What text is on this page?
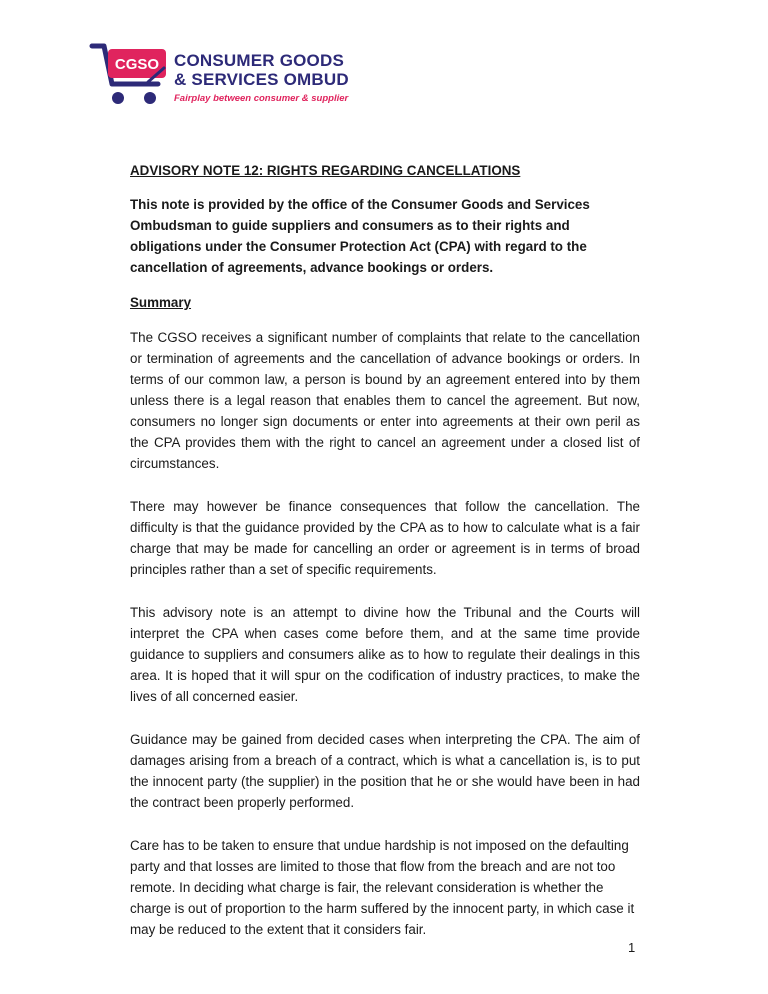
CGSO CONSUMER GOODS
& SERVICES OMBUD
Fairplay between consumer & supplier
ADVISORY NOTE 12: RIGHTS REGARDING CANCELLATIONS

This note is provided by the office of the Consumer Goods and Services Ombudsman to guide suppliers and consumers as to their rights and obligations under the Consumer Protection Act (CPA) with regard to the cancellation of agreements, advance bookings or orders.

Summary

The CGSO receives a significant number of complaints that relate to the cancellation or termination of agreements and the cancellation of advance bookings or orders. In terms of our common law, a person is bound by an agreement entered into by them unless there is a legal reason that enables them to cancel the agreement. But now, consumers no longer sign documents or enter into agreements at their own peril as the CPA provides them with the right to cancel an agreement under a closed list of circumstances.

There may however be finance consequences that follow the cancellation. The difficulty is that the guidance provided by the CPA as to how to calculate what is a fair charge that may be made for cancelling an order or agreement is in terms of broad principles rather than a set of specific requirements.

This advisory note is an attempt to divine how the Tribunal and the Courts will interpret the CPA when cases come before them, and at the same time provide guidance to suppliers and consumers alike as to how to regulate their dealings in this area. It is hoped that it will spur on the codification of industry practices, to make the lives of all concerned easier.

Guidance may be gained from decided cases when interpreting the CPA. The aim of damages arising from a breach of a contract, which is what a cancellation is, is to put the innocent party (the supplier) in the position that he or she would have been in had the contract been properly performed.

Care has to be taken to ensure that undue hardship is not imposed on the defaulting party and that losses are limited to those that flow from the breach and are not too remote. In deciding what charge is fair, the relevant consideration is whether the charge is out of proportion to the harm suffered by the innocent party, in which case it may be reduced to the extent that it considers fair.

1
